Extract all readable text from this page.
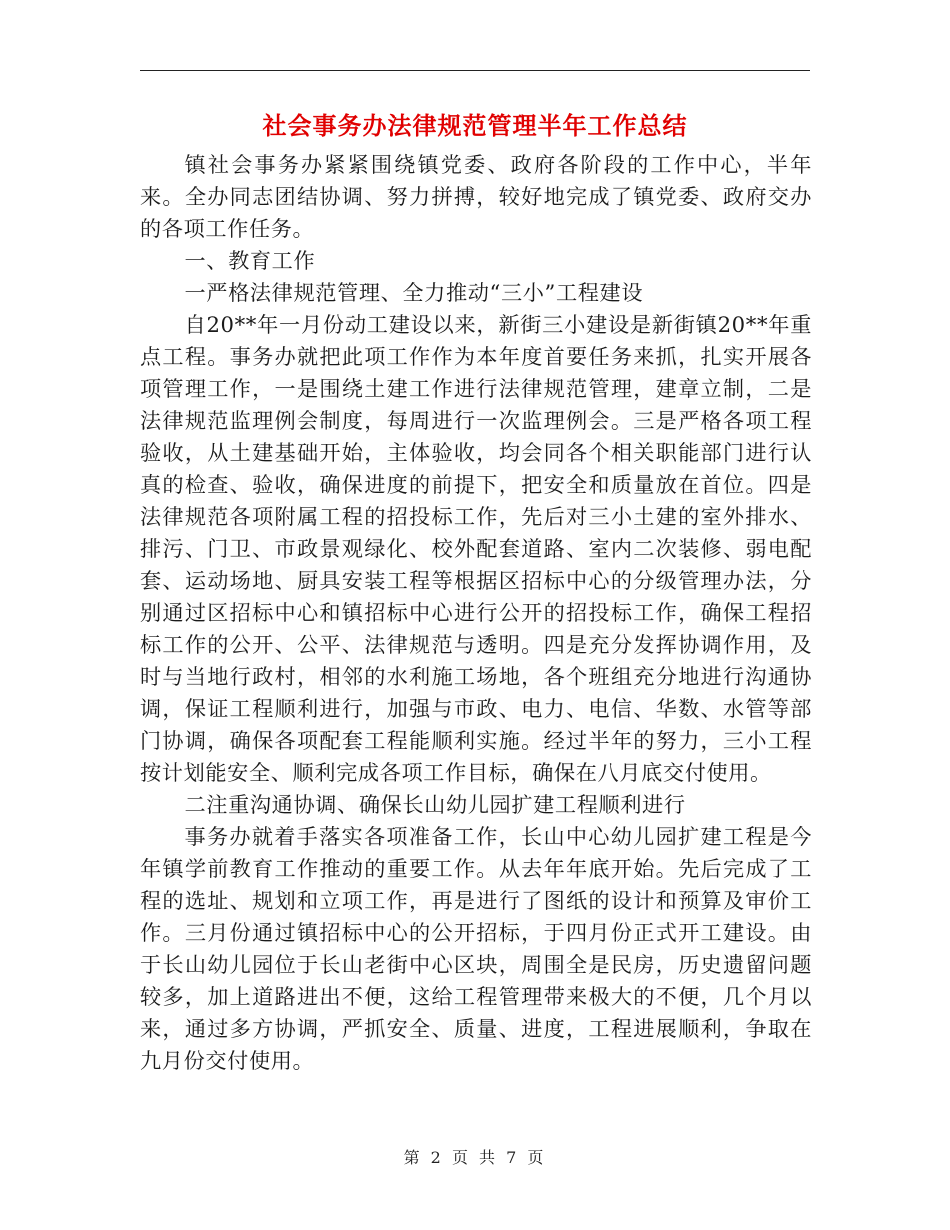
社会事务办法律规范管理半年工作总结

镇社会事务办紧紧围绕镇党委、政府各阶段的工作中心，半年来。全办同志团结协调、努力拼搏，较好地完成了镇党委、政府交办的各项工作任务。

一、教育工作

一严格法律规范管理、全力推动“三小”工程建设

自20**年一月份动工建设以来，新街三小建设是新街镇20**年重点工程。事务办就把此项工作作为本年度首要任务来抓，扎实开展各项管理工作，一是围绕土建工作进行法律规范管理，建章立制，二是法律规范监理例会制度，每周进行一次监理例会。三是严格各项工程验收，从土建基础开始，主体验收，均会同各个相关职能部门进行认真的检查、验收，确保进度的前提下，把安全和质量放在首位。四是法律规范各项附属工程的招投标工作，先后对三小土建的室外排水、排污、门卫、市政景观绿化、校外配套道路、室内二次装修、弱电配套、运动场地、厨具安装工程等根据区招标中心的分级管理办法，分别通过区招标中心和镇招标中心进行公开的招投标工作，确保工程招标工作的公开、公平、法律规范与透明。四是充分发挥协调作用，及时与当地行政村，相邻的水利施工场地，各个班组充分地进行沟通协调，保证工程顺利进行，加强与市政、电力、电信、华数、水管等部门协调，确保各项配套工程能顺利实施。经过半年的努力，三小工程按计划能安全、顺利完成各项工作目标，确保在八月底交付使用。

二注重沟通协调、确保长山幼儿园扩建工程顺利进行

事务办就着手落实各项准备工作，长山中心幼儿园扩建工程是今年镇学前教育工作推动的重要工作。从去年年底开始。先后完成了工程的选址、规划和立项工作，再是进行了图纸的设计和预算及审价工作。三月份通过镇招标中心的公开招标，于四月份正式开工建设。由于长山幼儿园位于长山老街中心区块，周围全是民房，历史遗留问题较多，加上道路进出不便，这给工程管理带来极大的不便，几个月以来，通过多方协调，严抓安全、质量、进度，工程进展顺利，争取在九月份交付使用。

第 2 页 共 7 页
